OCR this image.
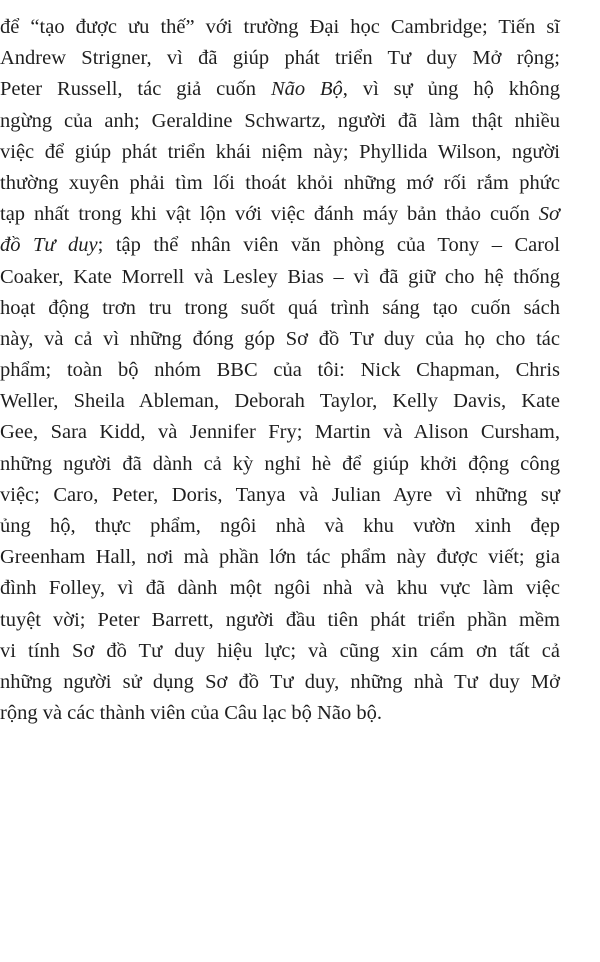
để “tạo được ưu thế” với trường Đại học Cambridge; Tiến sĩ
Andrew Strigner, vì đã giúp phát triển Tư duy Mở rộng;
Peter Russell, tác giả cuốn Não Bộ, vì sự ủng hộ không
ngừng của anh; Geraldine Schwartz, người đã làm thật nhiều
việc để giúp phát triển khái niệm này; Phyllida Wilson, người
thường xuyên phải tìm lối thoát khỏi những mớ rối rắm phức
tạp nhất trong khi vật lộn với việc đánh máy bản thảo cuốn Sơ
đồ Tư duy; tập thể nhân viên văn phòng của Tony – Carol
Coaker, Kate Morrell và Lesley Bias – vì đã giữ cho hệ thống
hoạt động trơn tru trong suốt quá trình sáng tạo cuốn sách
này, và cả vì những đóng góp Sơ đồ Tư duy của họ cho tác
phẩm; toàn bộ nhóm BBC của tôi: Nick Chapman, Chris
Weller, Sheila Ableman, Deborah Taylor, Kelly Davis, Kate
Gee, Sara Kidd, và Jennifer Fry; Martin và Alison Cursham,
những người đã dành cả kỳ nghỉ hè để giúp khởi động công
việc; Caro, Peter, Doris, Tanya và Julian Ayre vì những sự
ủng hộ, thực phẩm, ngôi nhà và khu vườn xinh đẹp
Greenham Hall, nơi mà phần lớn tác phẩm này được viết; gia
đình Folley, vì đã dành một ngôi nhà và khu vực làm việc
tuyệt vời; Peter Barrett, người đầu tiên phát triển phần mềm
vi tính Sơ đồ Tư duy hiệu lực; và cũng xin cám ơn tất cả
những người sử dụng Sơ đồ Tư duy, những nhà Tư duy Mở
rộng và các thành viên của Câu lạc bộ Não bộ.
